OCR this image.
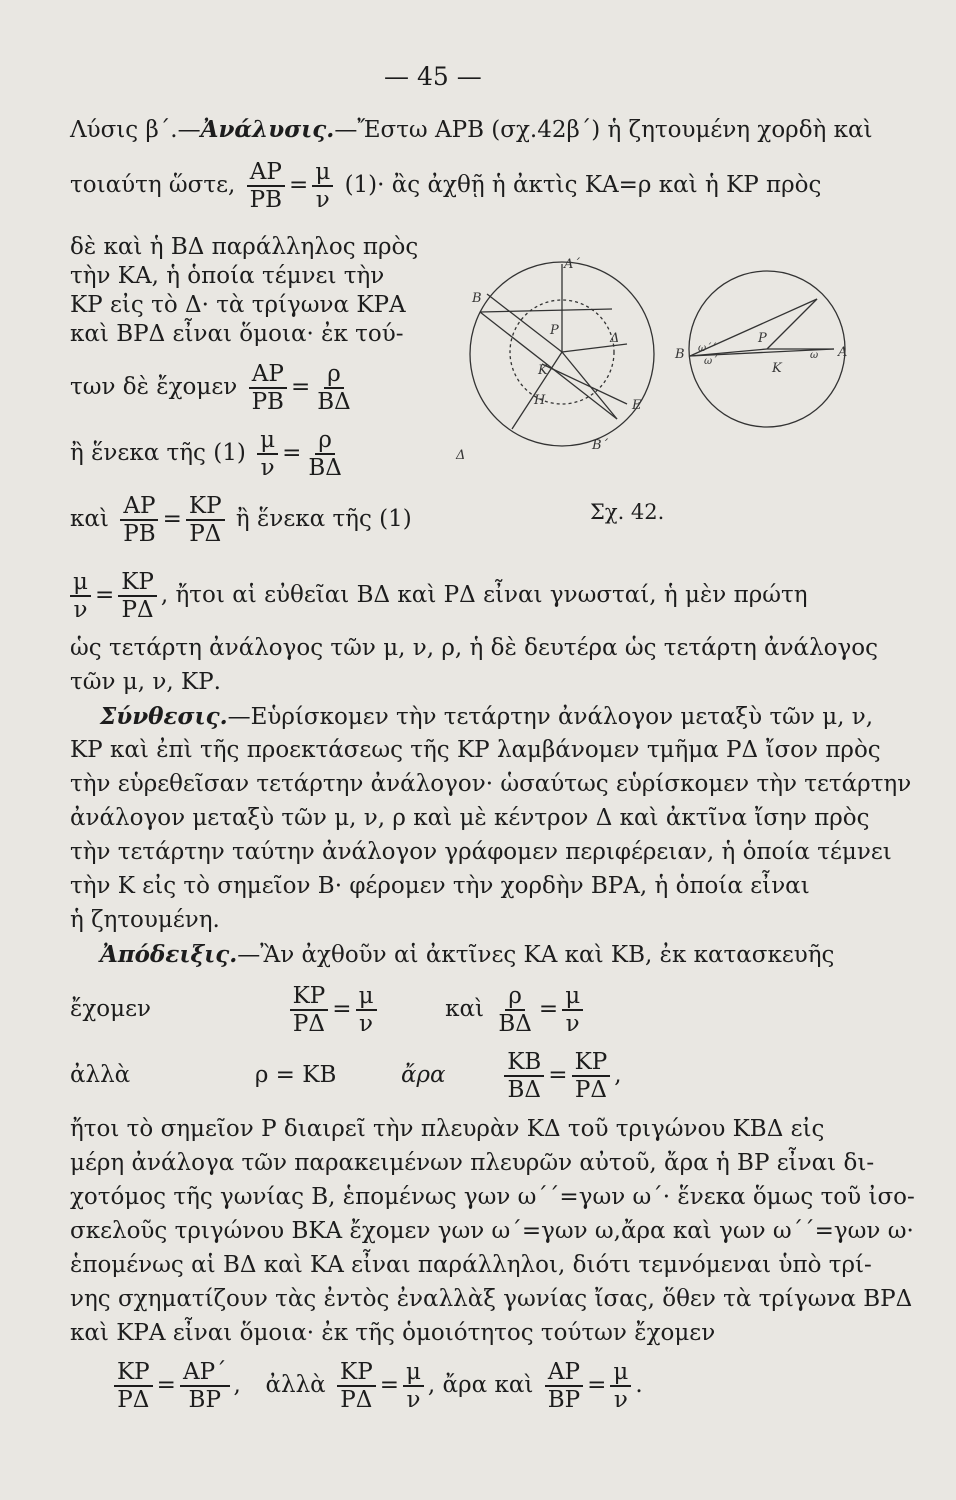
— 45 —
Λύσις β΄.—Ἀνάλυσις.—Ἔστω ΑΡΒ (σχ.42β΄) ἡ ζητουμένη χορδὴ καὶ
τοιαύτη ὥστε, $\frac{AP}{PB} = \frac{\mu}{\nu} (1)\cdot$ ἂς ἀχθῇ ἡ ἀκτὶς ΚΑ=ρ καὶ ἡ ΚΡ πρὸς
δὲ καὶ ἡ ΒΔ παράλληλος πρὸς
τὴν ΚΑ, ἡ ὁποία τέμνει τὴν
ΚΡ εἰς τὸ Δ· τὰ τρίγωνα ΚΡΑ
καὶ ΒΡΔ εἶναι ὅμοια· ἐκ τού-
των δὲ ἔχομεν $\frac{AP}{PB} = \frac{\rho}{B\Delta}$
ἢ ἕνεκα τῆς $(1) \frac{\mu}{\nu} = \frac{\rho}{B\Delta}$
καὶ $\frac{AP}{PB} = \frac{KP}{P\Delta}$ ἢ ἕνεκα τῆς (1)
$\frac{\mu}{\nu} = \frac{KP}{P\Delta}$ , ἤτοι αἱ εὐθεῖαι ΒΔ καὶ ΡΔ εἶναι γνωσταί, ἡ μὲν πρώτη
ὡς τετάρτη ἀνάλογος τῶν μ, ν, ρ, ἡ δὲ δευτέρα ὡς τετάρτη ἀνάλογος
τῶν μ, ν, ΚΡ.
Σύνθεσις.—Εὑρίσκομεν τὴν τετάρτην ἀνάλογον μεταξὺ τῶν μ, ν,
ΚΡ καὶ ἐπὶ τῆς προεκτάσεως τῆς ΚΡ λαμβάνομεν τμῆμα ΡΔ ἴσον πρὸς
τὴν εὑρεθεῖσαν τετάρτην ἀνάλογον· ὡσαύτως εὑρίσκομεν τὴν τετάρτην
ἀνάλογον μεταξὺ τῶν μ, ν, ρ καὶ μὲ κέντρον Δ καὶ ἀκτῖνα ἴσην πρὸς
τὴν τετάρτην ταύτην ἀνάλογον γράφομεν περιφέρειαν, ἡ ὁποία τέμνει
τὴν Κ εἰς τὸ σημεῖον Β· φέρομεν τὴν χορδὴν ΒΡΑ, ἡ ὁποία εἶναι
ἡ ζητουμένη.
Ἀπόδειξις.—Ἂν ἀχθοῦν αἱ ἀκτῖνες ΚΑ καὶ ΚΒ, ἐκ κατασκευῆς
ἔχομεν	$\frac{KP}{P\Delta} = \frac{\mu}{\nu}$	καὶ $\frac{\rho}{B\Delta} = \frac{\mu}{\nu}$
ἀλλὰ	ρ = ΚΒ	ἄρα	$\frac{KB}{B\Delta} = \frac{KP}{P\Delta}$ ,
ἤτοι τὸ σημεῖον Ρ διαιρεῖ τὴν πλευρὰν ΚΔ τοῦ τριγώνου ΚΒΔ εἰς
μέρη ἀνάλογα τῶν παρακειμένων πλευρῶν αὐτοῦ, ἄρα ἡ ΒΡ εἶναι δι-
χοτόμος τῆς γωνίας Β, ἑπομένως γων ω΄΄=γων ω΄· ἕνεκα ὅμως τοῦ ἰσο-
σκελοῦς τριγώνου ΒΚΑ ἔχομεν γων ω΄=γων ω,ἄρα καὶ γων ω΄΄=γων ω·
ἑπομένως αἱ ΒΔ καὶ ΚΑ εἶναι παράλληλοι, διότι τεμνόμεναι ὑπὸ τρί-
νης σχηματίζουν τὰς ἐντὸς ἐναλλὰξ γωνίας ἴσας, ὅθεν τὰ τρίγωνα ΒΡΔ
καὶ ΚΡΑ εἶναι ὅμοια· ἐκ τῆς ὁμοιότητος τούτων ἔχομεν
$\frac{KP}{P\Delta} = \frac{AP΄}{BP}$ ,  ἀλλὰ $\frac{KP}{P\Delta} = \frac{\mu}{\nu}$ , ἄρα καὶ $\frac{AP}{BP} = \frac{\mu}{\nu}$ .
Β
Α΄
Δ
Ρ
Κ
Η	Ε
Δ
Β΄
Β
Ρ
Α
Κ
ω΄΄
ω΄
ω
Σχ. 42.
